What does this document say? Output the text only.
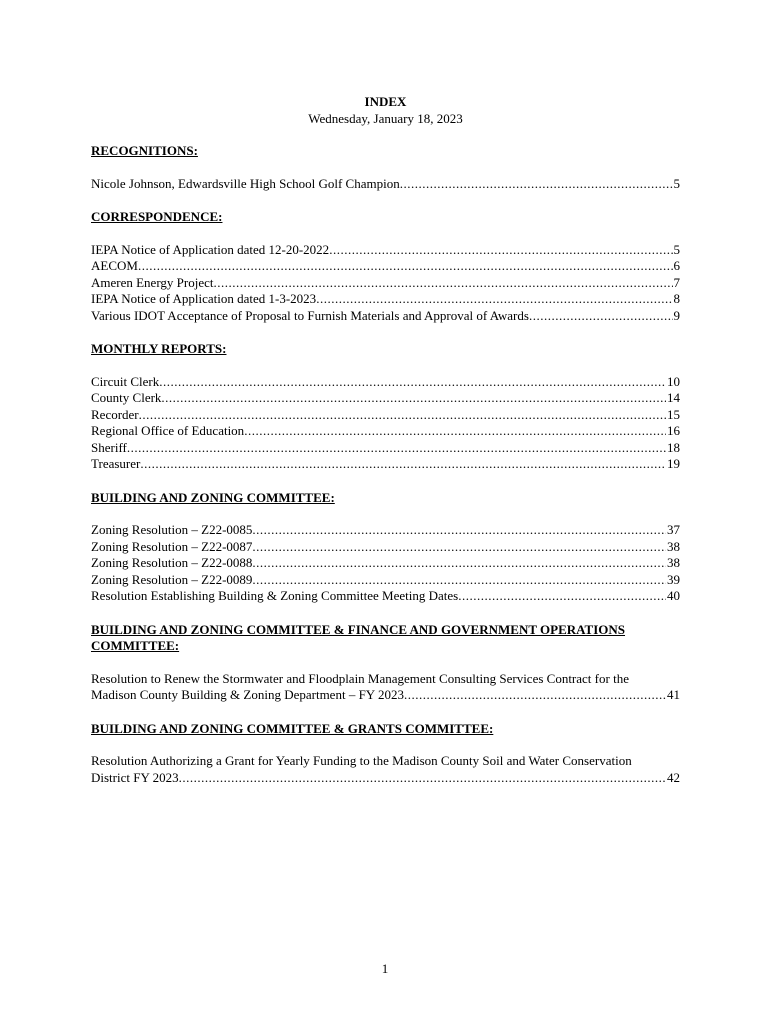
INDEX
Wednesday, January 18, 2023
RECOGNITIONS:
Nicole Johnson, Edwardsville High School Golf Champion .....	5
CORRESPONDENCE:
IEPA Notice of Application dated 12-20-2022 .....	5
AECOM .....	6
Ameren Energy Project .....	7
IEPA Notice of Application dated 1-3-2023 .....	8
Various IDOT Acceptance of Proposal to Furnish Materials and Approval of Awards .....	9
MONTHLY REPORTS:
Circuit Clerk .....	10
County Clerk .....	14
Recorder .....	15
Regional Office of Education .....	16
Sheriff .....	18
Treasurer .....	19
BUILDING AND ZONING COMMITTEE:
Zoning Resolution – Z22-0085 .....	37
Zoning Resolution – Z22-0087 .....	38
Zoning Resolution – Z22-0088 .....	38
Zoning Resolution – Z22-0089 .....	39
Resolution Establishing Building & Zoning Committee Meeting Dates .....	40
BUILDING AND ZONING COMMITTEE & FINANCE AND GOVERNMENT OPERATIONS COMMITTEE:
Resolution to Renew the Stormwater and Floodplain Management Consulting Services Contract for the
Madison County Building & Zoning Department – FY 2023 .....	41
BUILDING AND ZONING COMMITTEE & GRANTS COMMITTEE:
Resolution Authorizing a Grant for Yearly Funding to the Madison County Soil and Water Conservation
District FY 2023 .....	42
1
